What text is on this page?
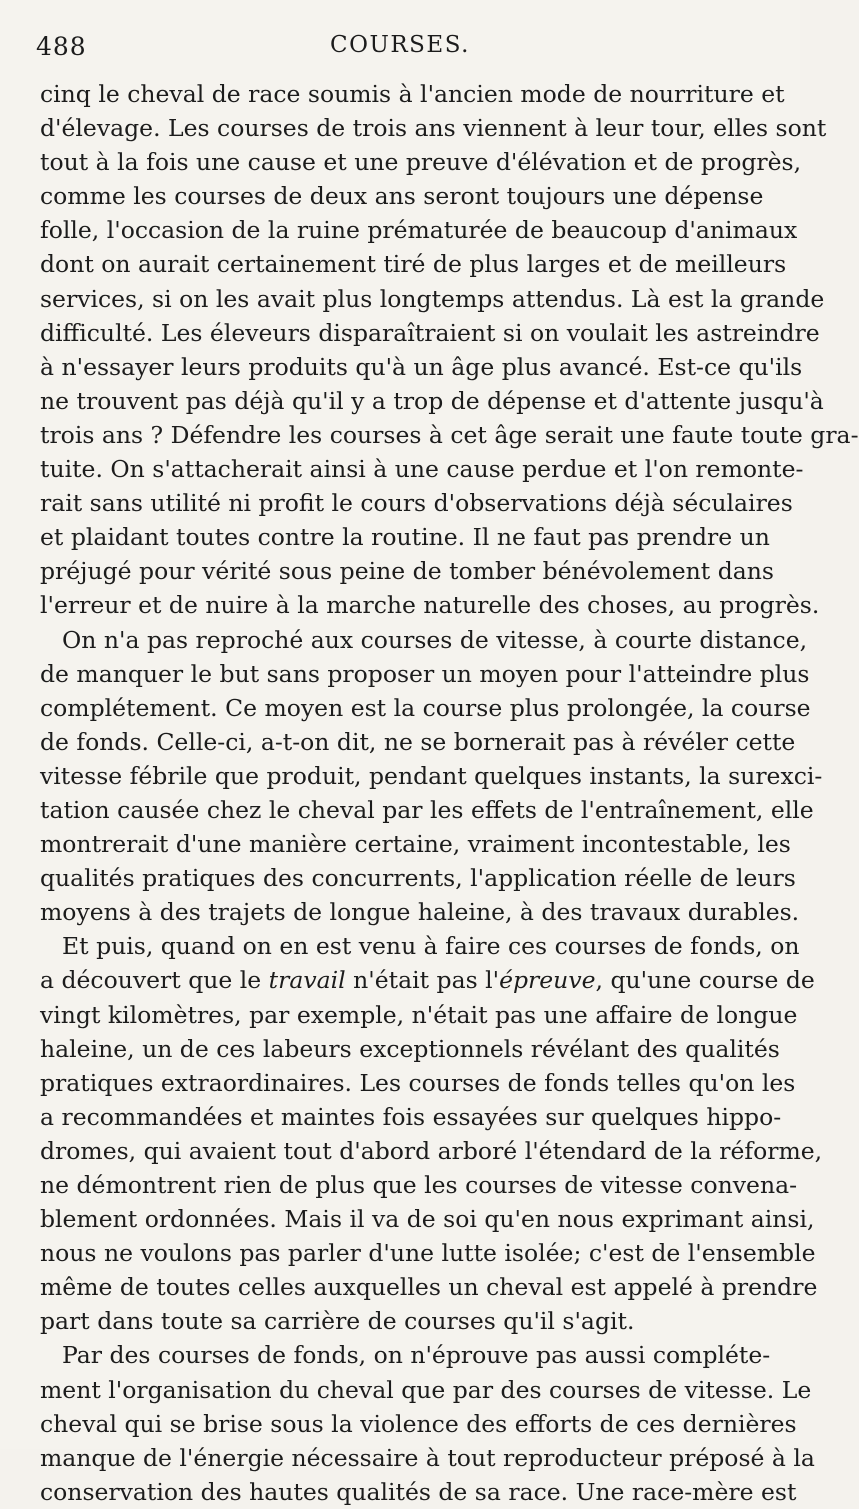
488	COURSES.
cinq le cheval de race soumis à l'ancien mode de nourriture et
d'élevage. Les courses de trois ans viennent à leur tour, elles sont
tout à la fois une cause et une preuve d'élévation et de progrès,
comme les courses de deux ans seront toujours une dépense
folle, l'occasion de la ruine prématurée de beaucoup d'animaux
dont on aurait certainement tiré de plus larges et de meilleurs
services, si on les avait plus longtemps attendus. Là est la grande
difficulté. Les éleveurs disparaîtraient si on voulait les astreindre
à n'essayer leurs produits qu'à un âge plus avancé. Est-ce qu'ils
ne trouvent pas déjà qu'il y a trop de dépense et d'attente jusqu'à
trois ans ? Défendre les courses à cet âge serait une faute toute gra-
tuite. On s'attacherait ainsi à une cause perdue et l'on remonte-
rait sans utilité ni profit le cours d'observations déjà séculaires
et plaidant toutes contre la routine. Il ne faut pas prendre un
préjugé pour vérité sous peine de tomber bénévolement dans
l'erreur et de nuire à la marche naturelle des choses, au progrès.
On n'a pas reproché aux courses de vitesse, à courte distance,
de manquer le but sans proposer un moyen pour l'atteindre plus
complétement. Ce moyen est la course plus prolongée, la course
de fonds. Celle-ci, a-t-on dit, ne se bornerait pas à révéler cette
vitesse fébrile que produit, pendant quelques instants, la surexci-
tation causée chez le cheval par les effets de l'entraînement, elle
montrerait d'une manière certaine, vraiment incontestable, les
qualités pratiques des concurrents, l'application réelle de leurs
moyens à des trajets de longue haleine, à des travaux durables.
Et puis, quand on en est venu à faire ces courses de fonds, on
a découvert que le travail n'était pas l'épreuve, qu'une course de
vingt kilomètres, par exemple, n'était pas une affaire de longue
haleine, un de ces labeurs exceptionnels révélant des qualités
pratiques extraordinaires. Les courses de fonds telles qu'on les
a recommandées et maintes fois essayées sur quelques hippo-
dromes, qui avaient tout d'abord arboré l'étendard de la réforme,
ne démontrent rien de plus que les courses de vitesse convena-
blement ordonnées. Mais il va de soi qu'en nous exprimant ainsi,
nous ne voulons pas parler d'une lutte isolée; c'est de l'ensemble
même de toutes celles auxquelles un cheval est appelé à prendre
part dans toute sa carrière de courses qu'il s'agit.
Par des courses de fonds, on n'éprouve pas aussi complétе-
ment l'organisation du cheval que par des courses de vitesse. Le
cheval qui se brise sous la violence des efforts de ces dernières
manque de l'énergie nécessaire à tout reproducteur préposé à la
conservation des hautes qualités de sa race. Une race-mère est
